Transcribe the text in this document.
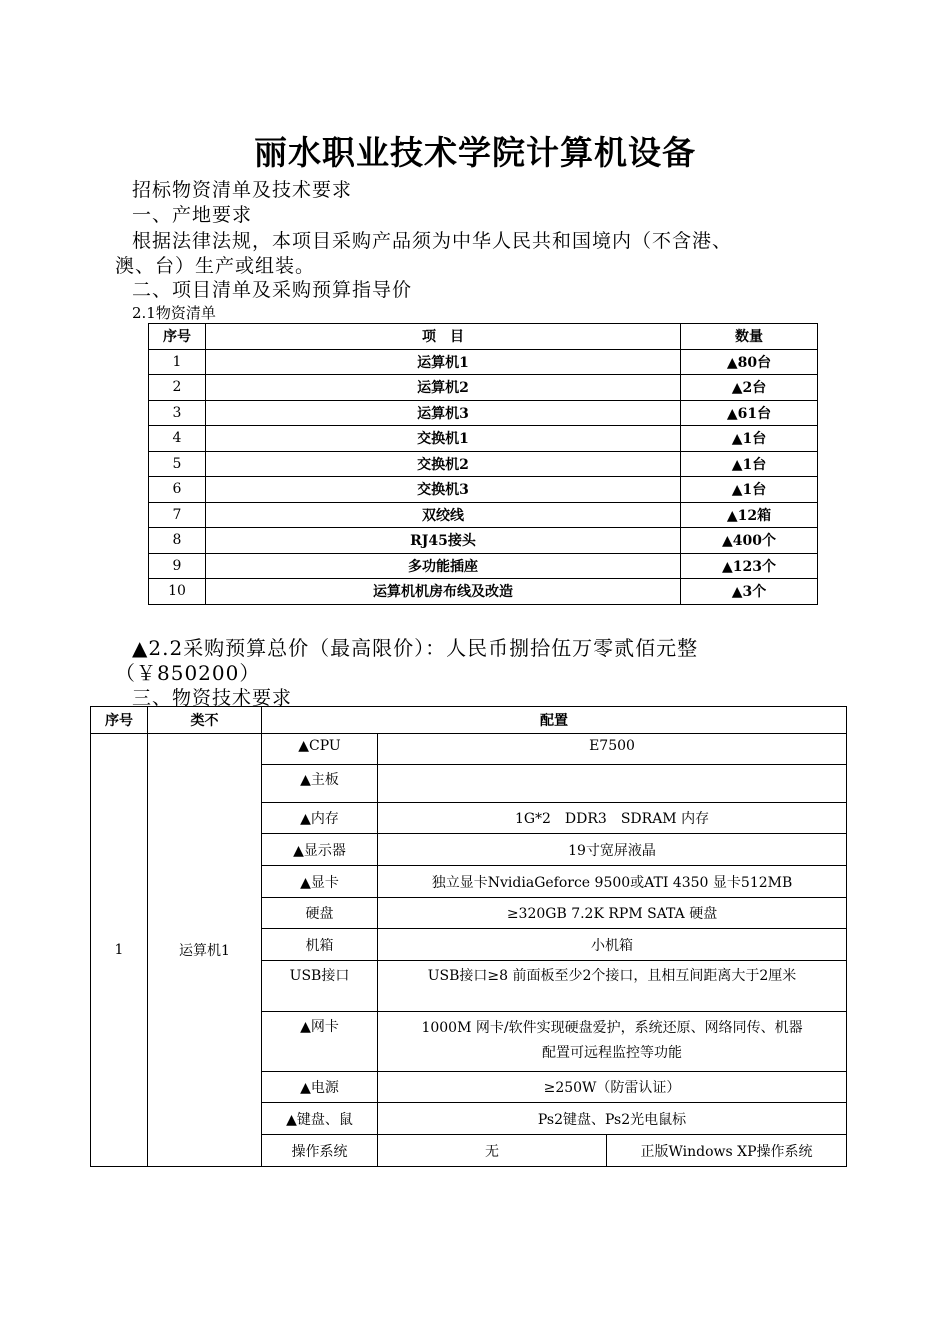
丽水职业技术学院计算机设备
招标物资清单及技术要求
一、产地要求
根据法律法规，本项目采购产品须为中华人民共和国境内（不含港、
澳、台）生产或组装。
二、项目清单及采购预算指导价
2.1物资清单
序号	项　目	数量
1	运算机1	▲80台
2	运算机2	▲2台
3	运算机3	▲61台
4	交换机1	▲1台
5	交换机2	▲1台
6	交换机3	▲1台
7	双绞线	▲12箱
8	RJ45接头	▲400个
9	多功能插座	▲123个
10	运算机机房布线及改造	▲3个
▲2.2采购预算总价（最高限价）：人民币捌拾伍万零贰佰元整
（￥850200）
三、物资技术要求
序号	类不	配置		
1	运算机1	▲CPU	E7500	
		▲主板		
		▲内存	1G*2　DDR3　SDRAM 内存	
		▲显示器	19寸宽屏液晶	
		▲显卡	独立显卡NvidiaGeforce 9500或ATI 4350 显卡512MB	
		硬盘	≥320GB 7.2K RPM SATA 硬盘	
		机箱	小机箱	
		USB接口	USB接口≥8 前面板至少2个接口，且相互间距离大于2厘米	
		▲网卡	1000M 网卡/软件实现硬盘爱护，系统还原、网络同传、机器
配置可远程监控等功能	

		▲电源	≥250W（防雷认证）	
		▲键盘、鼠	Ps2键盘、Ps2光电鼠标	
		操作系统	无	正版Windows XP操作系统
